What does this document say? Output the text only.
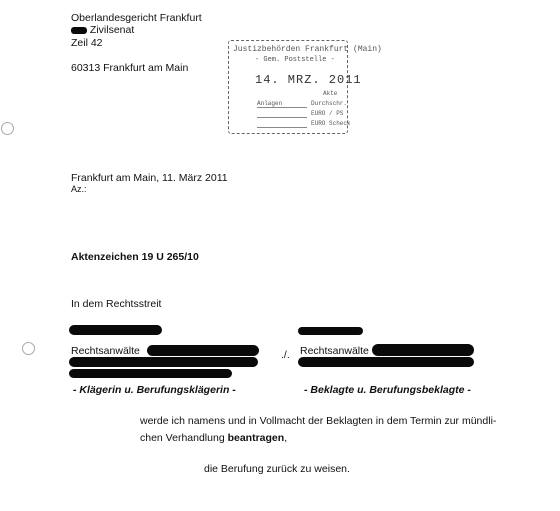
Oberlandesgericht Frankfurt
Zivilsenat
Zeil 42
60313 Frankfurt am Main
Justizbehörden Frankfurt (Main)
- Gem. Poststelle -
14. MRZ. 2011
Akte
Anlagen	Durchschr.
EURO / PS
EURO Scheck
Frankfurt am Main, 11. März 2011
Az.:
Aktenzeichen 19 U 265/10
In dem Rechtsstreit
Rechtsanwälte
- Klägerin u. Berufungsklägerin -
./. Rechtsanwälte
- Beklagte u. Berufungsbeklagte -
werde ich namens und in Vollmacht der Beklagten in dem Termin zur mündli-
chen Verhandlung beantragen,
die Berufung zurück zu weisen.
